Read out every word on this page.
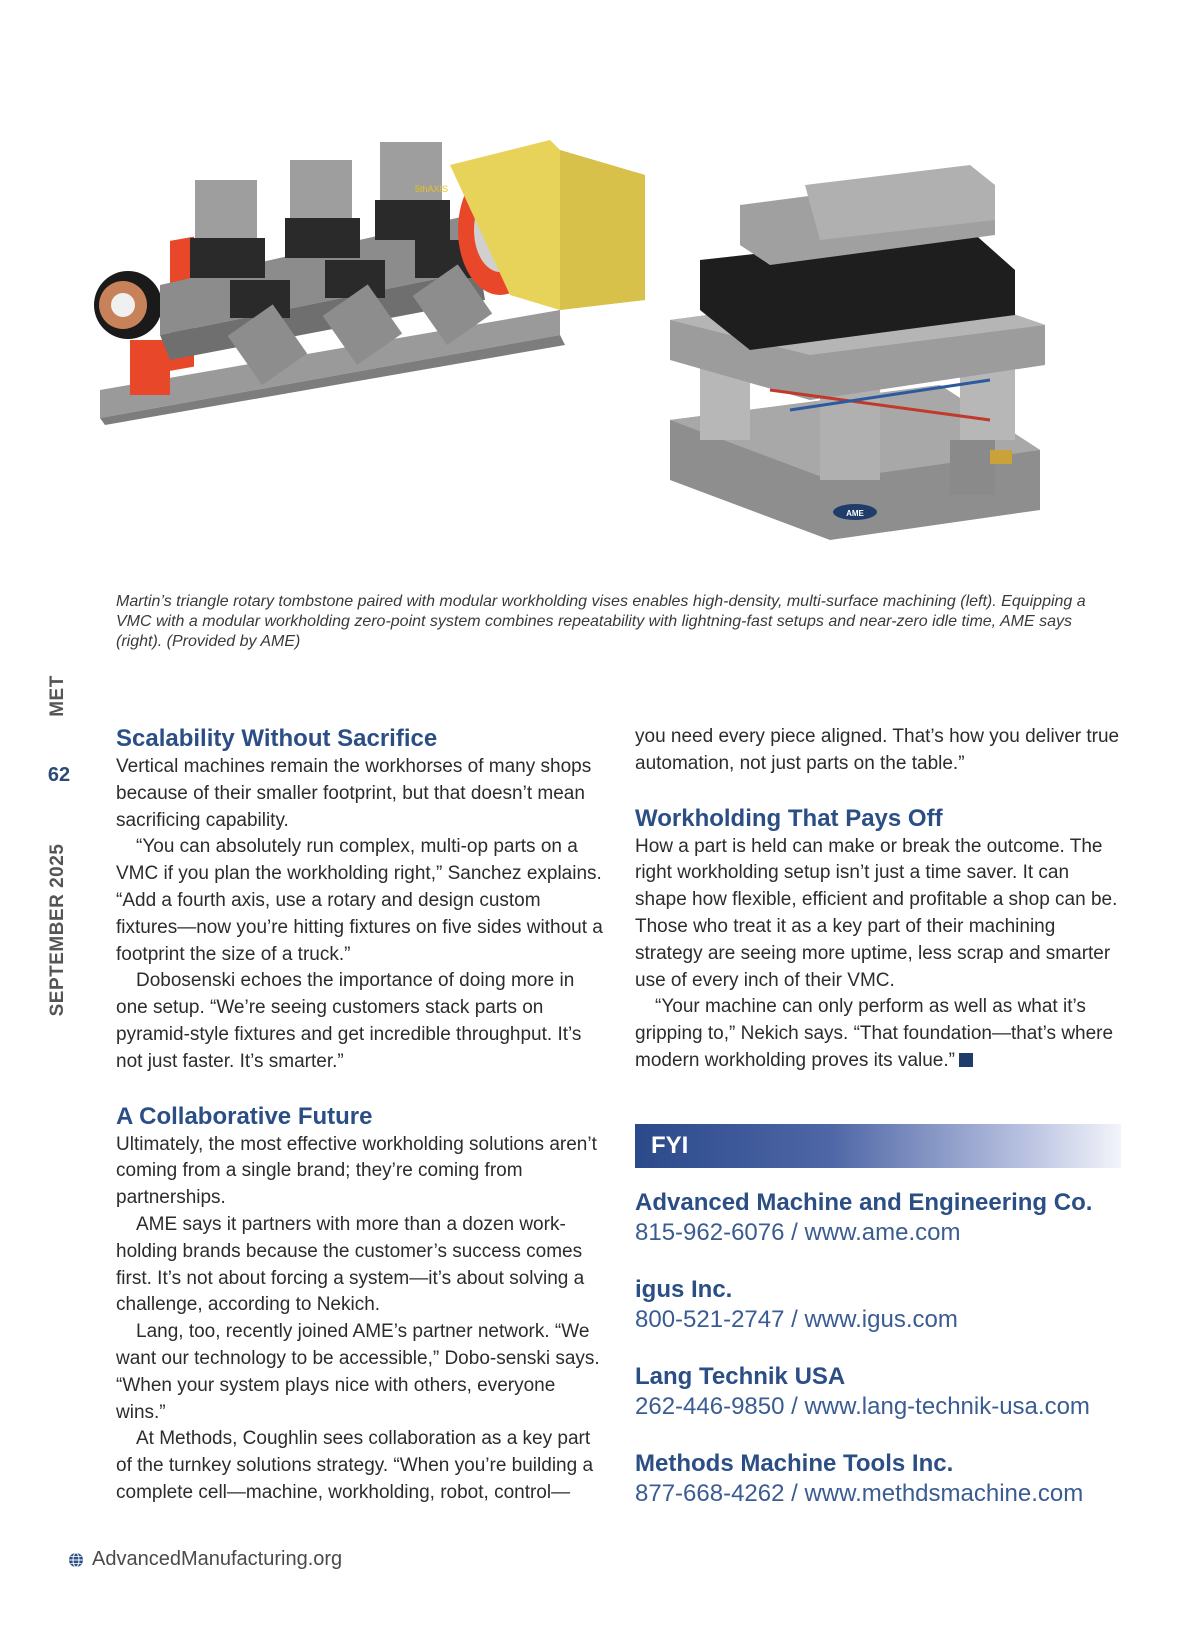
5thAXIS
AME
Martin’s triangle rotary tombstone paired with modular workholding vises enables high-density, multi-surface machining (left). Equipping a VMC with a modular workholding zero-point system combines repeatability with lightning-fast setups and near-zero idle time, AME says (right). (Provided by AME)
MET
62
SEPTEMBER 2025
Scalability Without Sacrifice

Vertical machines remain the workhorses of many shops because of their smaller footprint, but that doesn’t mean sacrificing capability.

“You can absolutely run complex, multi-op parts on a VMC if you plan the workholding right,” Sanchez explains. “Add a fourth axis, use a rotary and design custom fixtures—now you’re hitting fixtures on five sides without a footprint the size of a truck.”

Dobosenski echoes the importance of doing more in one setup. “We’re seeing customers stack parts on pyramid-style fixtures and get incredible throughput. It’s not just faster. It’s smarter.”

A Collaborative Future

Ultimately, the most effective workholding solutions aren’t coming from a single brand; they’re coming from partnerships.

AME says it partners with more than a dozen work-holding brands because the customer’s success comes first. It’s not about forcing a system—it’s about solving a challenge, according to Nekich.

Lang, too, recently joined AME’s partner network. “We want our technology to be accessible,” Dobo-senski says. “When your system plays nice with others, everyone wins.”

At Methods, Coughlin sees collaboration as a key part of the turnkey solutions strategy. “When you’re building a complete cell—machine, workholding, robot, control—

you need every piece aligned. That’s how you deliver true automation, not just parts on the table.”

Workholding That Pays Off

How a part is held can make or break the outcome. The right workholding setup isn’t just a time saver. It can shape how flexible, efficient and profitable a shop can be. Those who treat it as a key part of their machining strategy are seeing more uptime, less scrap and smarter use of every inch of their VMC.

“Your machine can only perform as well as what it’s gripping to,” Nekich says. “That foundation—that’s where modern workholding proves its value.”

FYI
Advanced Machine and Engineering Co.
815-962-6076 / www.ame.com
igus Inc.
800-521-2747 / www.igus.com
Lang Technik USA
262-446-9850 / www.lang-technik-usa.com
Methods Machine Tools Inc.
877-668-4262 / www.methdsmachine.com
AdvancedManufacturing.org
